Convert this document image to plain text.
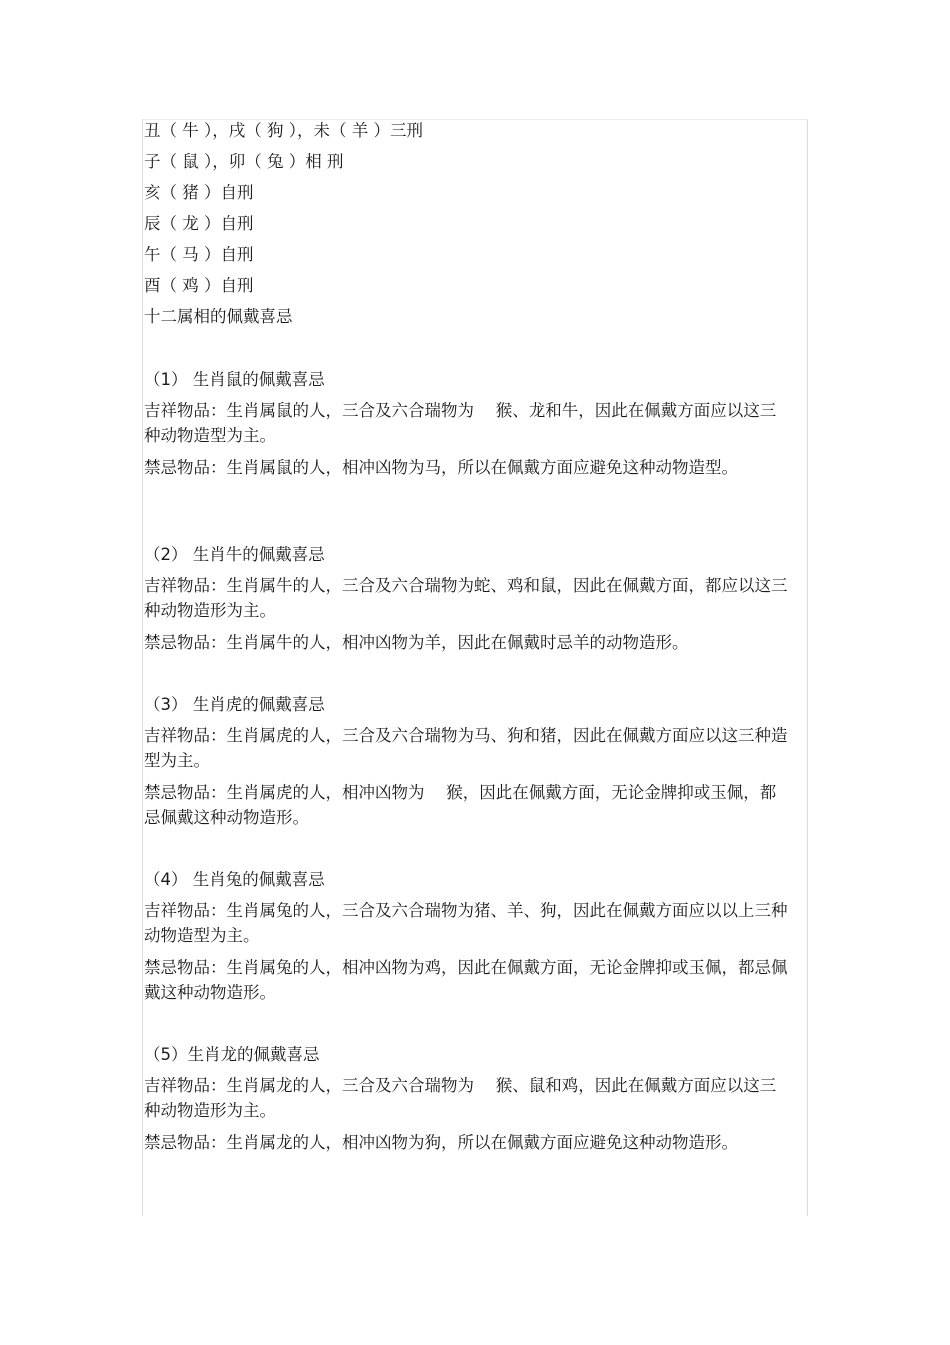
丑（ 牛 ），戌（ 狗 ），未（ 羊 ）三刑

子（ 鼠 ），卯（ 兔 ）相 刑

亥（ 猪 ）自刑

辰（ 龙 ）自刑

午（ 马 ）自刑

酉（ 鸡 ）自刑

十二属相的佩戴喜忌

（1） 生肖鼠的佩戴喜忌

吉祥物品：生肖属鼠的人，三合及六合瑞物为　 猴、龙和牛，因此在佩戴方面应以这三种动物造型为主。

禁忌物品：生肖属鼠的人，相冲凶物为马，所以在佩戴方面应避免这种动物造型。

（2） 生肖牛的佩戴喜忌

吉祥物品：生肖属牛的人，三合及六合瑞物为蛇、鸡和鼠，因此在佩戴方面，都应以这三种动物造形为主。

禁忌物品：生肖属牛的人，相冲凶物为羊，因此在佩戴时忌羊的动物造形。

（3） 生肖虎的佩戴喜忌

吉祥物品：生肖属虎的人，三合及六合瑞物为马、狗和猪，因此在佩戴方面应以这三种造型为主。

禁忌物品：生肖属虎的人，相冲凶物为　 猴，因此在佩戴方面，无论金牌抑或玉佩，都忌佩戴这种动物造形。

（4） 生肖兔的佩戴喜忌

吉祥物品：生肖属兔的人，三合及六合瑞物为猪、羊、狗，因此在佩戴方面应以以上三种动物造型为主。

禁忌物品：生肖属兔的人，相冲凶物为鸡，因此在佩戴方面，无论金牌抑或玉佩，都忌佩戴这种动物造形。

（5）生肖龙的佩戴喜忌

吉祥物品：生肖属龙的人，三合及六合瑞物为　 猴、鼠和鸡，因此在佩戴方面应以这三种动物造形为主。

禁忌物品：生肖属龙的人，相冲凶物为狗，所以在佩戴方面应避免这种动物造形。
